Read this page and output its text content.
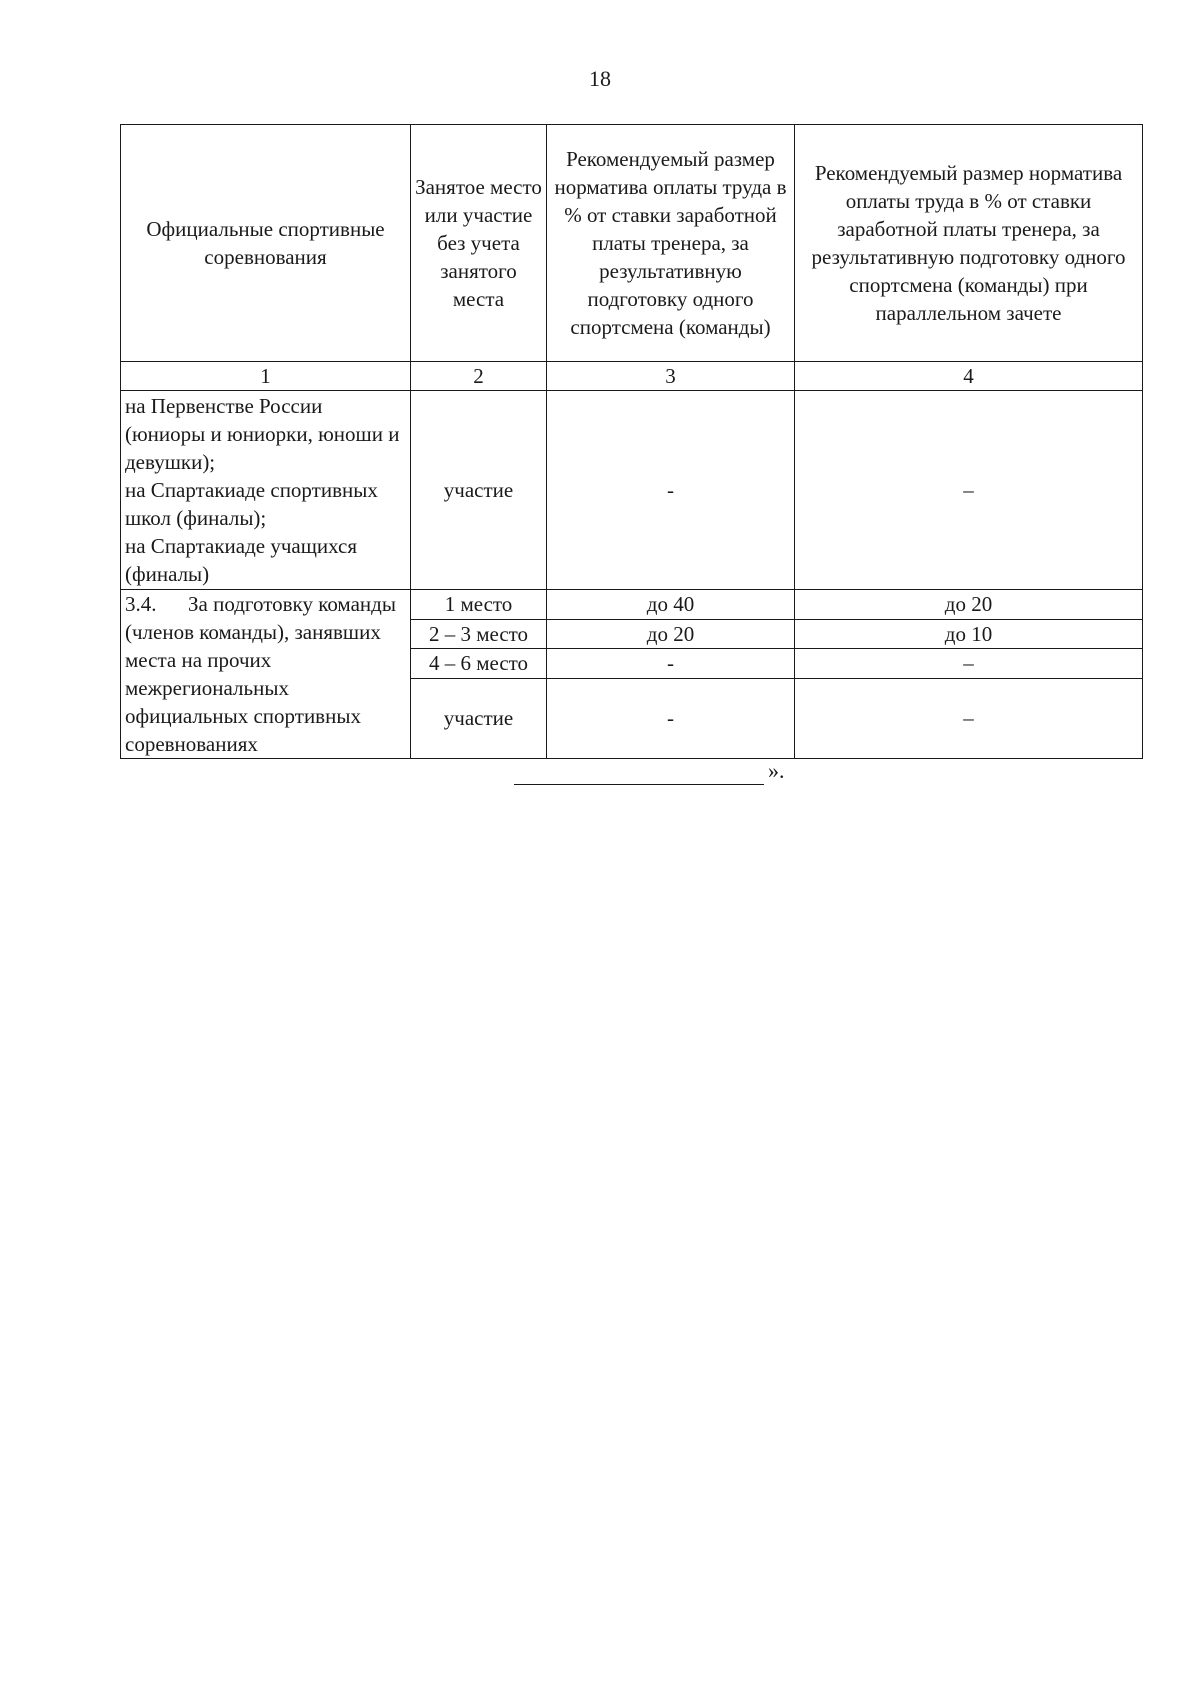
18
Официальные спортивные соревнования	Занятое место или участие без учета занятого места	Рекомендуемый размер норматива оплаты труда в % от ставки заработной платы тренера, за результативную подготовку одного спортсмена (команды)	Рекомендуемый размер норматива оплаты труда в % от ставки заработной платы тренера, за результативную подготовку одного спортсмена (команды) при параллельном зачете
1	2	3	4

на Первенстве России (юниоры и юниорки, юноши и девушки);
на Спартакиаде спортивных школ (финалы);
на Спартакиаде учащихся (финалы)	участие	-	–
3.4. За подготовку команды (членов команды), занявших места на прочих межрегиональных официальных спортивных соревнованиях	1 место	до 40	до 20
	2 – 3 место	до 20	до 10
	4 – 6 место	-	–
	участие	-	–
».
